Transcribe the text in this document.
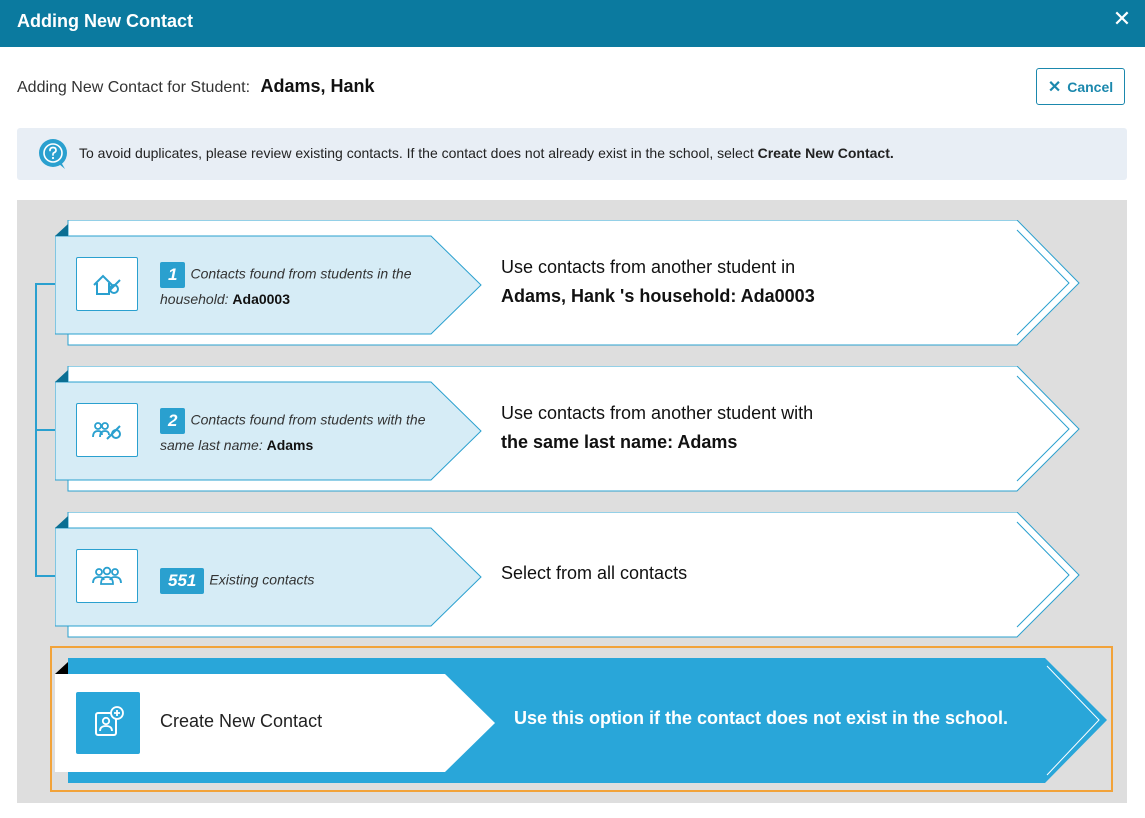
Adding New Contact	✕
Adding New Contact for Student: Adams, Hank	✕ Cancel
To avoid duplicates, please review existing contacts. If the contact does not already exist in the school, select Create New Contact.
1 Contacts found from students in the household: Ada0003
Use contacts from another student in
Adams, Hank 's household: Ada0003
2 Contacts found from students with the same last name: Adams
Use contacts from another student with
the same last name: Adams
551 Existing contacts	Select from all contacts
Create New Contact	Use this option if the contact does not exist in the school.
